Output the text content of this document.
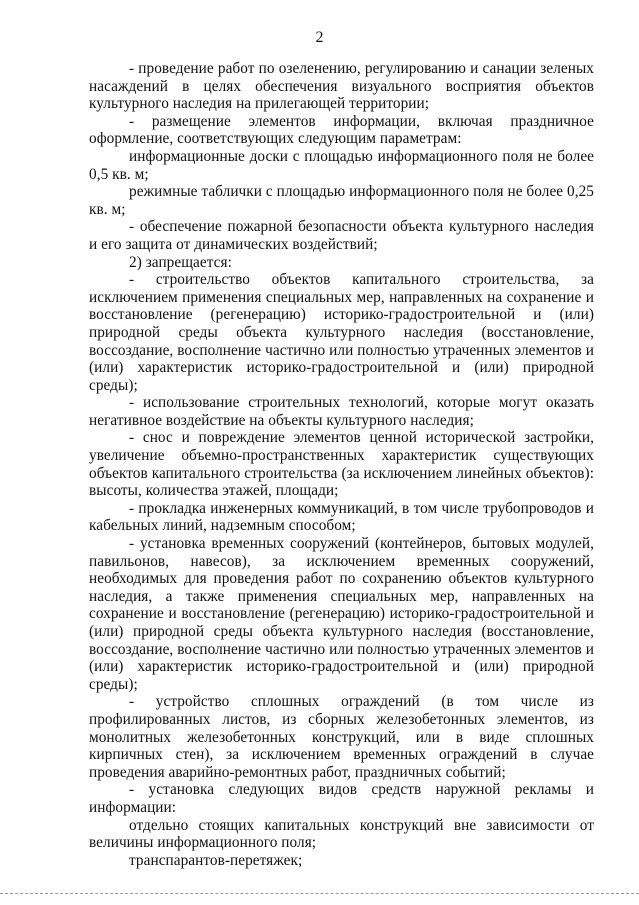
2

- проведение работ по озеленению, регулированию и санации зеленых насаждений в целях обеспечения визуального восприятия объектов культурного наследия на прилегающей территории;

- размещение элементов информации, включая праздничное оформление, соответствующих следующим параметрам:

информационные доски с площадью информационного поля не более 0,5 кв. м;

режимные таблички с площадью информационного поля не более 0,25 кв. м;

- обеспечение пожарной безопасности объекта культурного наследия и его защита от динамических воздействий;

2) запрещается:

- строительство объектов капитального строительства, за исключением применения специальных мер, направленных на сохранение и восстановление (регенерацию) историко-градостроительной и (или) природной среды объекта культурного наследия (восстановление, воссоздание, восполнение частично или полностью утраченных элементов и (или) характеристик историко-градостроительной и (или) природной среды);

- использование строительных технологий, которые могут оказать негативное воздействие на объекты культурного наследия;

- снос и повреждение элементов ценной исторической застройки, увеличение объемно-пространственных характеристик существующих объектов капитального строительства (за исключением линейных объектов): высоты, количества этажей, площади;

- прокладка инженерных коммуникаций, в том числе трубопроводов и кабельных линий, надземным способом;

- установка временных сооружений (контейнеров, бытовых модулей, павильонов, навесов), за исключением временных сооружений, необходимых для проведения работ по сохранению объектов культурного наследия, а также применения специальных мер, направленных на сохранение и восстановление (регенерацию) историко-градостроительной и (или) природной среды объекта культурного наследия (восстановление, воссоздание, восполнение частично или полностью утраченных элементов и (или) характеристик историко-градостроительной и (или) природной среды);

- устройство сплошных ограждений (в том числе из профилированных листов, из сборных железобетонных элементов, из монолитных железобетонных конструкций, или в виде сплошных кирпичных стен), за исключением временных ограждений в случае проведения аварийно-ремонтных работ, праздничных событий;

- установка следующих видов средств наружной рекламы и информации:

отдельно стоящих капитальных конструкций вне зависимости от величины информационного поля;

транспарантов-перетяжек;
